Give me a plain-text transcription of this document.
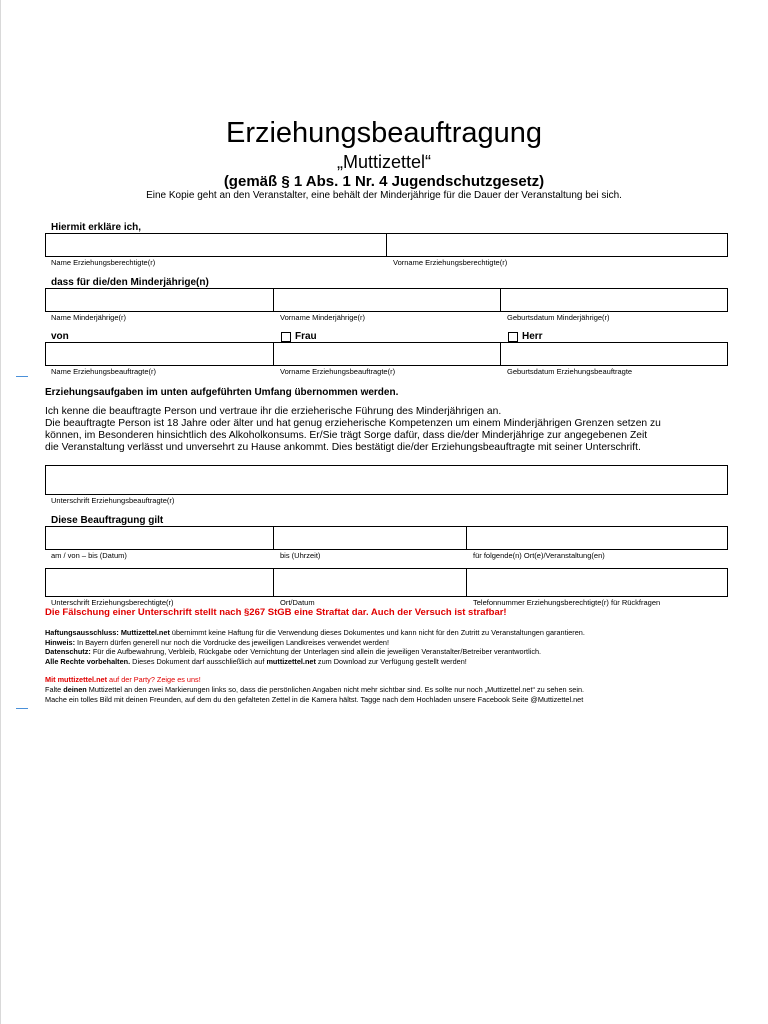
Erziehungsbeauftragung
„Muttizettel“
(gemäß § 1 Abs. 1 Nr. 4 Jugendschutzgesetz)
Eine Kopie geht an den Veranstalter, eine behält der Minderjährige für die Dauer der Veranstaltung bei sich.
Hiermit erkläre ich,
Name Erziehungsberechtigte(r)	Vorname Erziehungsberechtigte(r)
dass für die/den Minderjährige(n)
Name Minderjährige(r)	Vorname Minderjährige(r)	Geburtsdatum Minderjährige(r)
von	Frau	Herr
Name Erziehungsbeauftragte(r)	Vorname Erziehungsbeauftragte(r)	Geburtsdatum Erziehungsbeauftragte
Erziehungsaufgaben im unten aufgeführten Umfang übernommen werden.

Ich kenne die beauftragte Person und vertraue ihr die erzieherische Führung des Minderjährigen an.

Die beauftragte Person ist 18 Jahre oder älter und hat genug erzieherische Kompetenzen um einem Minderjährigen Grenzen setzen zu

können, im Besonderen hinsichtlich des Alkoholkonsums. Er/Sie trägt Sorge dafür, dass die/der Minderjährige zur angegebenen Zeit

die Veranstaltung verlässt und unversehrt zu Hause ankommt. Dies bestätigt die/der Erziehungsbeauftragte mit seiner Unterschrift.

Unterschrift Erziehungsbeauftragte(r)
Diese Beauftragung gilt
am / von – bis (Datum)	bis (Uhrzeit)	für folgende(n) Ort(e)/Veranstaltung(en)
Unterschrift Erziehungsberechtigte(r)	Ort/Datum	Telefonnummer Erziehungsberechtigte(r) für Rückfragen
Die Fälschung einer Unterschrift stellt nach §267 StGB eine Straftat dar. Auch der Versuch ist strafbar!
Haftungsausschluss: Muttizettel.net übernimmt keine Haftung für die Verwendung dieses Dokumentes und kann nicht für den Zutritt zu Veranstaltungen garantieren.
Hinweis: In Bayern dürfen generell nur noch die Vordrucke des jeweiligen Landkreises verwendet werden!
Datenschutz: Für die Aufbewahrung, Verbleib, Rückgabe oder Vernichtung der Unterlagen sind allein die jeweiligen Veranstalter/Betreiber verantwortlich.
Alle Rechte vorbehalten. Dieses Dokument darf ausschließlich auf muttizettel.net zum Download zur Verfügung gestellt werden!
Mit muttizettel.net auf der Party? Zeige es uns!
Falte deinen Muttizettel an den zwei Markierungen links so, dass die persönlichen Angaben nicht mehr sichtbar sind. Es sollte nur noch „Muttizettel.net“ zu sehen sein.
Mache ein tolles Bild mit deinen Freunden, auf dem du den gefalteten Zettel in die Kamera hältst. Tagge nach dem Hochladen unsere Facebook Seite @Muttizettel.net
